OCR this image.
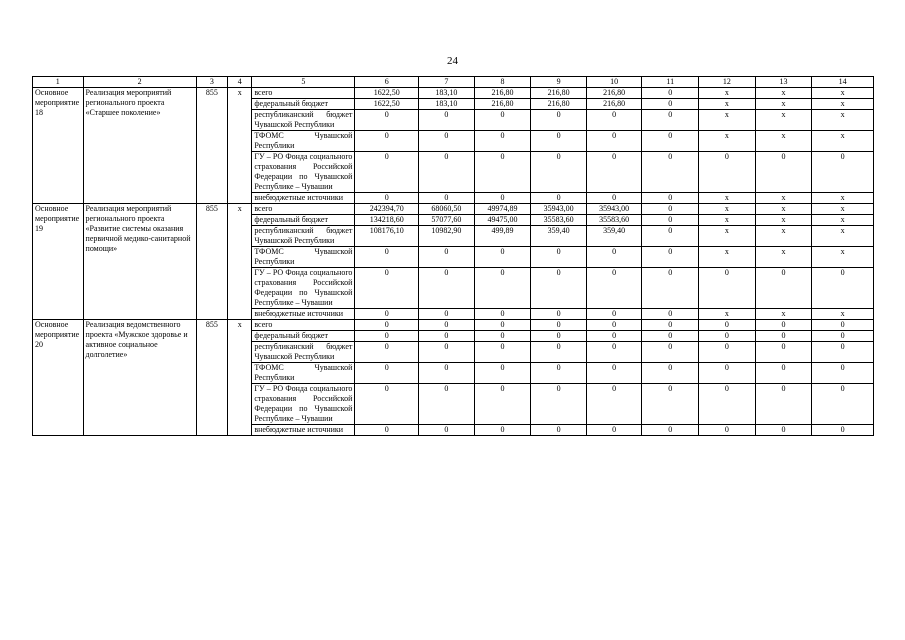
24
1	2	3	4	5	6	7	8	9	10	11	12	13	14
Основное мероприятие 18	Реализация мероприятий регионального проекта «Старшее поколение»	855	x	всего	1622,50	183,10	216,80	216,80	216,80	0	x	x	x
				федеральный бюджет	1622,50	183,10	216,80	216,80	216,80	0	x	x	x
				республиканский бюджет Чувашской Республики	0	0	0	0	0	0	x	x	x
				ТФОМС Чувашской Республики	0	0	0	0	0	0	x	x	x
				ГУ – РО Фонда социального страхования Российской Федерации по Чувашской Республике – Чувашии	0	0	0	0	0	0	0	0	0
				внебюджетные источники	0	0	0	0	0	0	x	x	x
Основное мероприятие 19	Реализация мероприятий регионального проекта «Развитие системы оказания первичной медико-санитарной помощи»	855	x	всего	242394,70	68060,50	49974,89	35943,00	35943,00	0	x	x	x
				федеральный бюджет	134218,60	57077,60	49475,00	35583,60	35583,60	0	x	x	x
				республиканский бюджет Чувашской Республики	108176,10	10982,90	499,89	359,40	359,40	0	x	x	x
				ТФОМС Чувашской Республики	0	0	0	0	0	0	x	x	x
				ГУ – РО Фонда социального страхования Российской Федерации по Чувашской Республике – Чувашии	0	0	0	0	0	0	0	0	0
				внебюджетные источники	0	0	0	0	0	0	x	x	x
Основное мероприятие 20	Реализация ведомственного проекта «Мужское здоровье и активное социальное долголетие»	855	x	всего	0	0	0	0	0	0	0	0	0
				федеральный бюджет	0	0	0	0	0	0	0	0	0
				республиканский бюджет Чувашской Республики	0	0	0	0	0	0	0	0	0
				ТФОМС Чувашской Республики	0	0	0	0	0	0	0	0	0
				ГУ – РО Фонда социального страхования Российской Федерации по Чувашской Республике – Чувашии	0	0	0	0	0	0	0	0	0
				внебюджетные источники	0	0	0	0	0	0	0	0	0
